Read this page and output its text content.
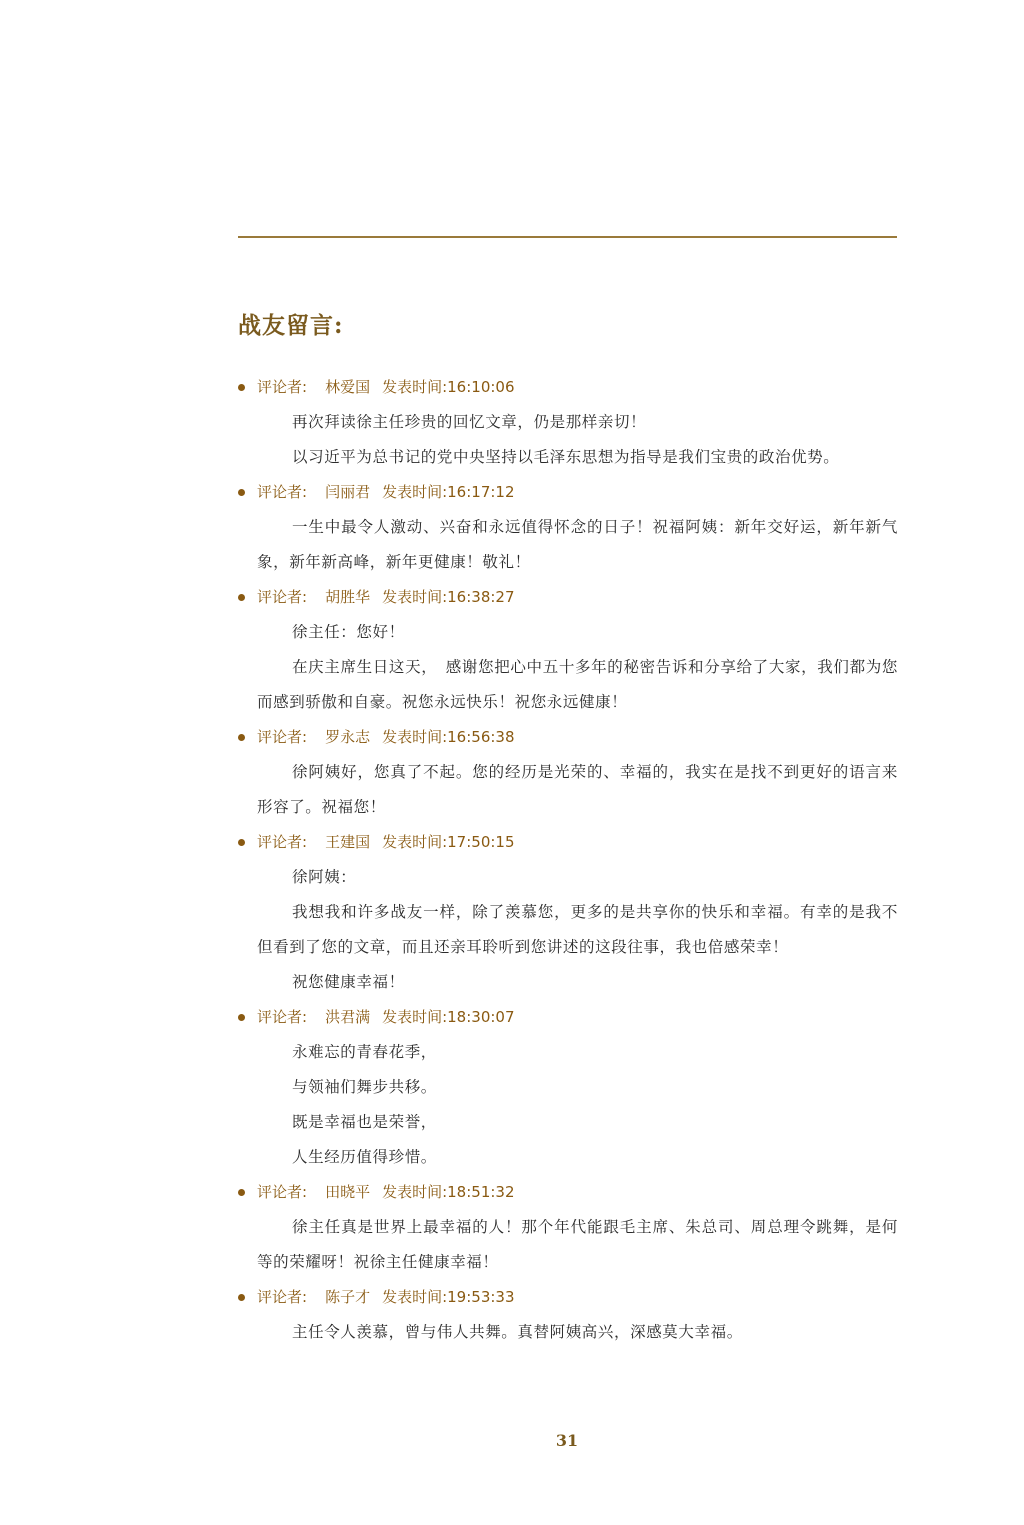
战友留言:
评论者: 林爱国 发表时间: 16:10:06

再次拜读徐主任珍贵的回忆文章，仍是那样亲切！

以习近平为总书记的党中央坚持以毛泽东思想为指导是我们宝贵的政治优势。

评论者: 闫丽君 发表时间: 16:17:12

一生中最令人激动、兴奋和永远值得怀念的日子！祝福阿姨：新年交好运，新年新气象，新年新高峰，新年更健康！敬礼！

评论者: 胡胜华 发表时间: 16:38:27

徐主任：您好！

在庆主席生日这天，　感谢您把心中五十多年的秘密告诉和分享给了大家，我们都为您而感到骄傲和自豪。祝您永远快乐！祝您永远健康！

评论者: 罗永志 发表时间: 16:56:38

徐阿姨好，您真了不起。您的经历是光荣的、幸福的，我实在是找不到更好的语言来形容了。祝福您！

评论者: 王建国 发表时间: 17:50:15

徐阿姨：

我想我和许多战友一样，除了羡慕您，更多的是共享你的快乐和幸福。有幸的是我不但看到了您的文章，而且还亲耳聆听到您讲述的这段往事，我也倍感荣幸！

祝您健康幸福！

评论者: 洪君满 发表时间: 18:30:07

永难忘的青春花季，

与领袖们舞步共移。

既是幸福也是荣誉，

人生经历值得珍惜。

评论者: 田晓平 发表时间: 18:51:32

徐主任真是世界上最幸福的人！那个年代能跟毛主席、朱总司、周总理令跳舞，是何等的荣耀呀！祝徐主任健康幸福！

评论者: 陈子才 发表时间: 19:53:33

主任令人羡慕，曾与伟人共舞。真替阿姨高兴，深感莫大幸福。

31
